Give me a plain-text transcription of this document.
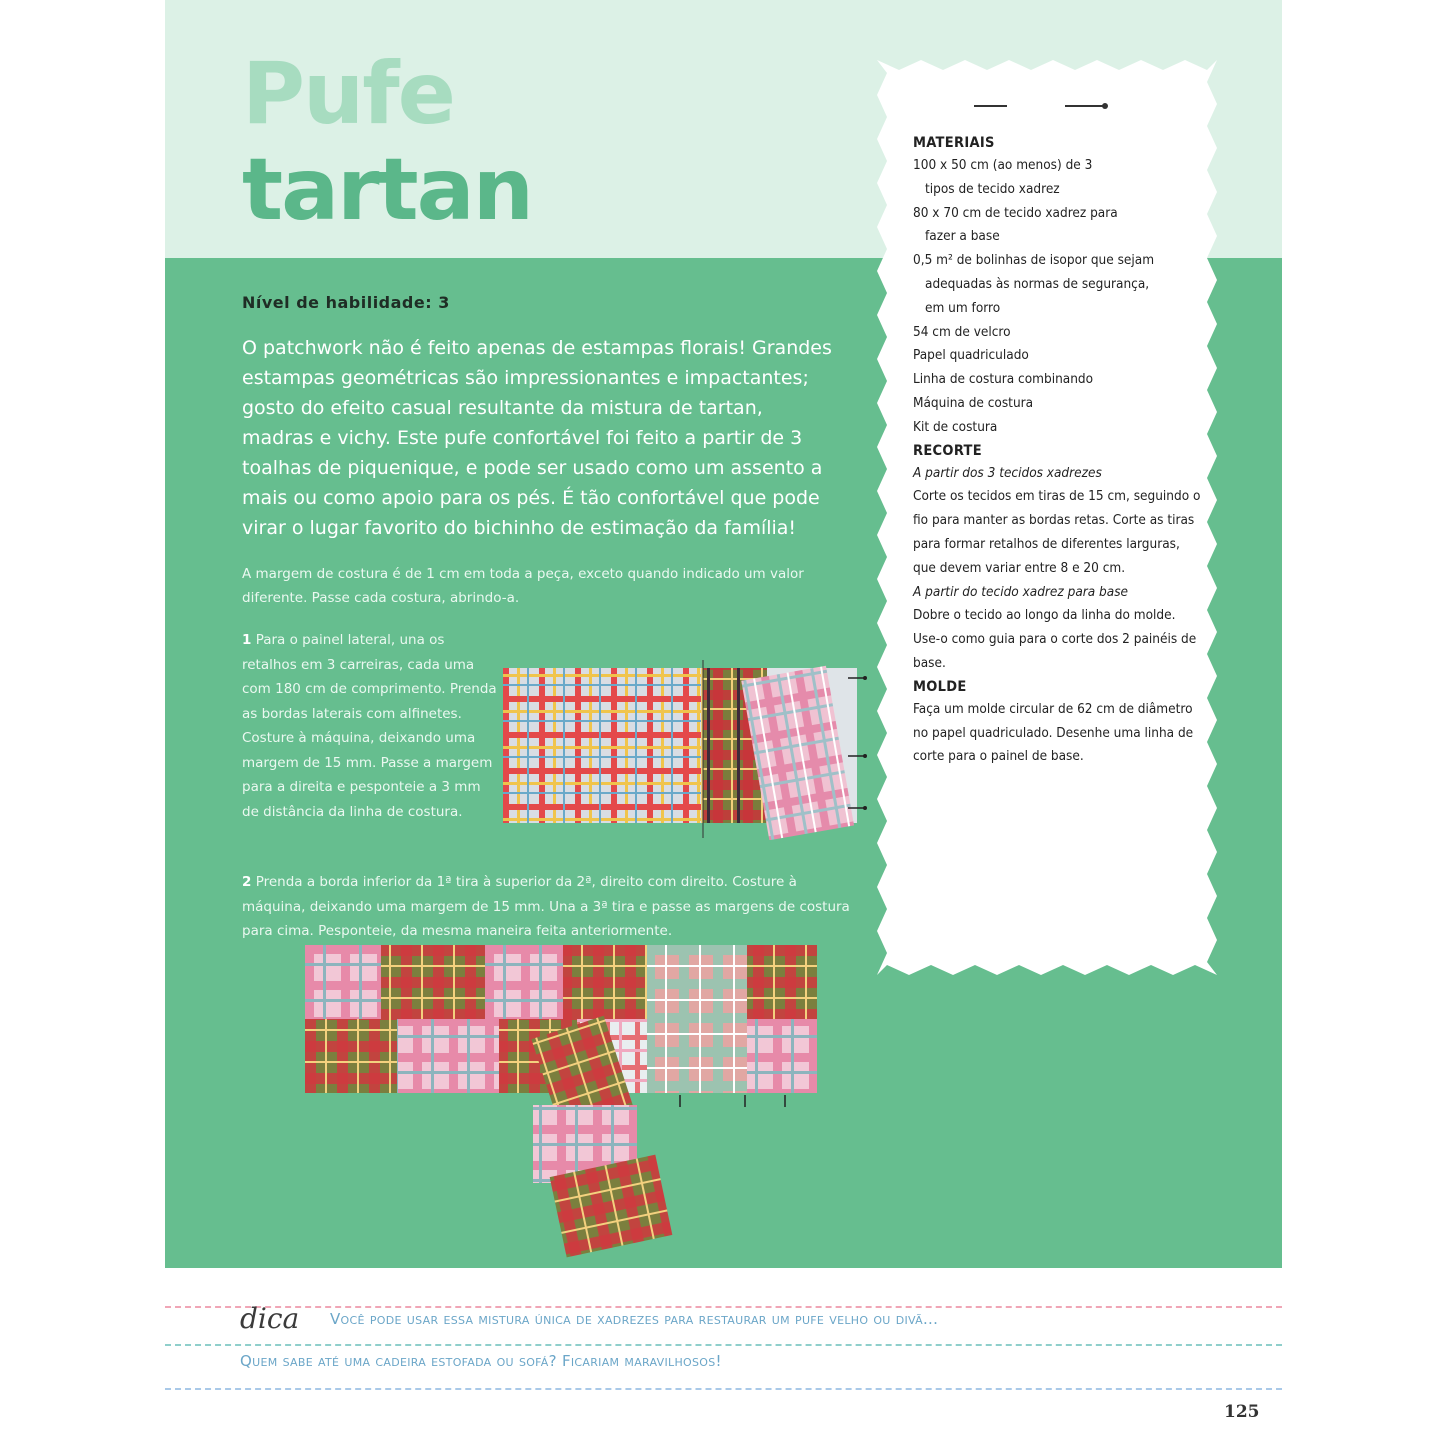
Pufe
tartan
Nível de habilidade: 3

O patchwork não é feito apenas de estampas florais! Grandes estampas geométricas são impressionantes e impactantes; gosto do efeito casual resultante da mistura de tartan, madras e vichy. Este pufe confortável foi feito a partir de 3 toalhas de piquenique, e pode ser usado como um assento a mais ou como apoio para os pés. É tão confortável que pode virar o lugar favorito do bichinho de estimação da família!

A margem de costura é de 1 cm em toda a peça, exceto quando indicado um valor diferente. Passe cada costura, abrindo-a.

1 Para o painel lateral, una os retalhos em 3 carreiras, cada uma com 180 cm de comprimento. Prenda as bordas laterais com alfinetes. Costure à máquina, deixando uma margem de 15 mm. Passe a margem para a direita e pesponteie a 3 mm de distância da linha de costura.

2 Prenda a borda inferior da 1ª tira à superior da 2ª, direito com direito. Costure à máquina, deixando uma margem de 15 mm. Una a 3ª tira e passe as margens de costura para cima. Pesponteie, da mesma maneira feita anteriormente.

MATERIAIS

100 x 50 cm (ao menos) de 3

tipos de tecido xadrez

80 x 70 cm de tecido xadrez para

fazer a base

0,5 m² de bolinhas de isopor que sejam

adequadas às normas de segurança,

em um forro

54 cm de velcro

Papel quadriculado

Linha de costura combinando

Máquina de costura

Kit de costura

RECORTE

A partir dos 3 tecidos xadrezes

Corte os tecidos em tiras de 15 cm, seguindo o fio para manter as bordas retas. Corte as tiras para formar retalhos de diferentes larguras, que devem variar entre 8 e 20 cm.

A partir do tecido xadrez para base

Dobre o tecido ao longo da linha do molde. Use-o como guia para o corte dos 2 painéis de base.

MOLDE

Faça um molde circular de 62 cm de diâmetro no papel quadriculado. Desenhe uma linha de corte para o painel de base.

dica Você pode usar essa mistura única de xadrezes para restaurar um pufe velho ou divã...
Quem sabe até uma cadeira estofada ou sofá? Ficariam maravilhosos!
125
